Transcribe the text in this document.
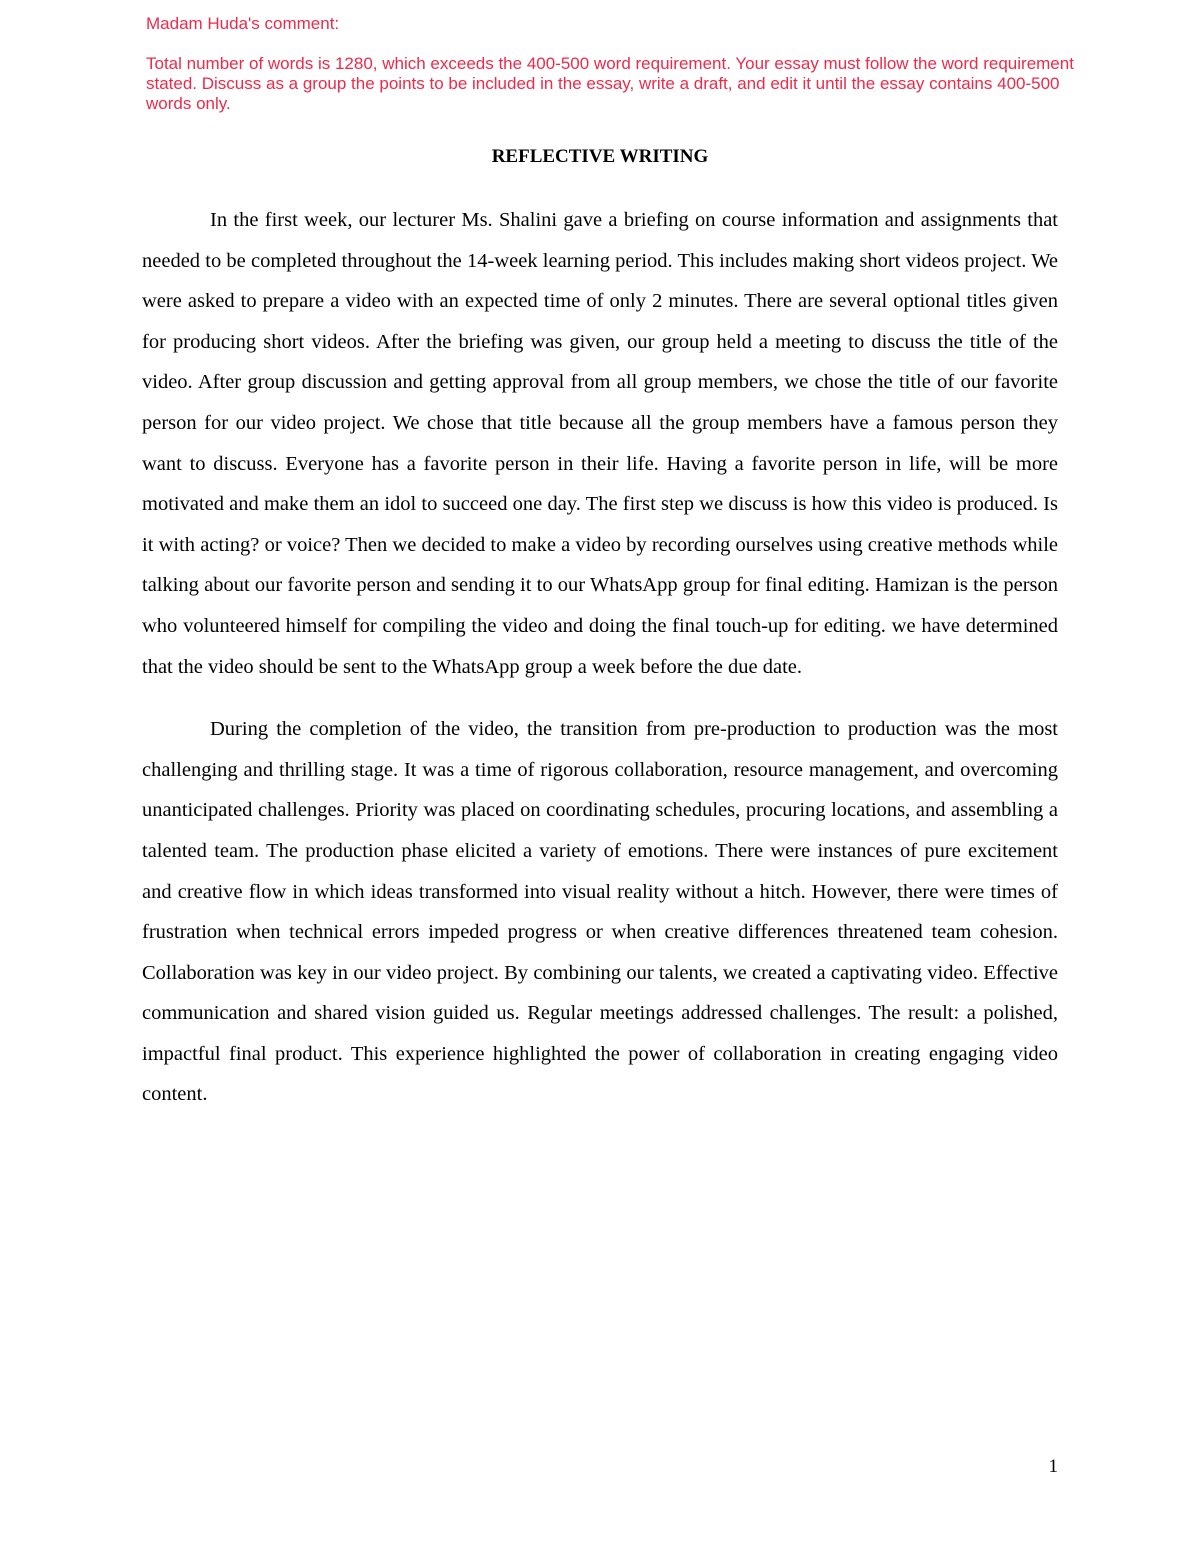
Madam Huda's comment:

Total number of words is 1280, which exceeds the 400-500 word requirement. Your essay must follow the word requirement stated. Discuss as a group the points to be included in the essay, write a draft, and edit it until the essay contains 400-500 words only.

REFLECTIVE WRITING

In the first week, our lecturer Ms. Shalini gave a briefing on course information and assignments that needed to be completed throughout the 14-week learning period. This includes making short videos project. We were asked to prepare a video with an expected time of only 2 minutes. There are several optional titles given for producing short videos. After the briefing was given, our group held a meeting to discuss the title of the video. After group discussion and getting approval from all group members, we chose the title of our favorite person for our video project. We chose that title because all the group members have a famous person they want to discuss. Everyone has a favorite person in their life. Having a favorite person in life, will be more motivated and make them an idol to succeed one day. The first step we discuss is how this video is produced. Is it with acting? or voice? Then we decided to make a video by recording ourselves using creative methods while talking about our favorite person and sending it to our WhatsApp group for final editing. Hamizan is the person who volunteered himself for compiling the video and doing the final touch-up for editing. we have determined that the video should be sent to the WhatsApp group a week before the due date.

During the completion of the video, the transition from pre-production to production was the most challenging and thrilling stage. It was a time of rigorous collaboration, resource management, and overcoming unanticipated challenges. Priority was placed on coordinating schedules, procuring locations, and assembling a talented team. The production phase elicited a variety of emotions. There were instances of pure excitement and creative flow in which ideas transformed into visual reality without a hitch. However, there were times of frustration when technical errors impeded progress or when creative differences threatened team cohesion. Collaboration was key in our video project. By combining our talents, we created a captivating video. Effective communication and shared vision guided us. Regular meetings addressed challenges. The result: a polished, impactful final product. This experience highlighted the power of collaboration in creating engaging video content.

1
